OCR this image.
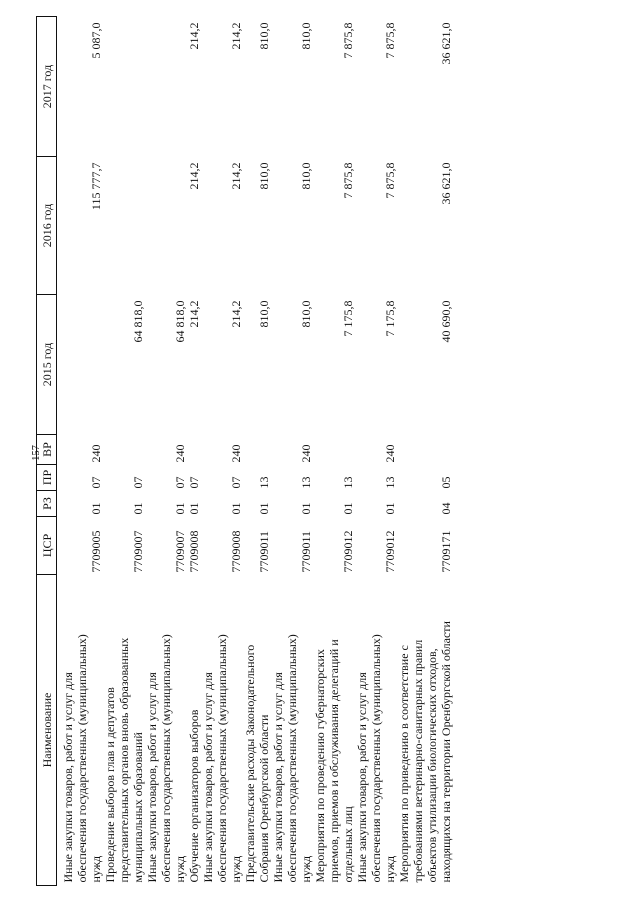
157
Наименование	ЦСР	РЗ	ПР	ВР	2015 год	2016 год	2017 год

Иные закупки товаров, работ и услуг для обеспечения государственных (муниципальных) нужд	7709005	01	07	240		115 777,7	5 087,0

Проведение выборов глав и депутатов представительных органов вновь образованных муниципальных образований	7709007	01	07		64 818,0		

Иные закупки товаров, работ и услуг для обеспечения государственных (муниципальных) нужд	7709007	01	07	240	64 818,0		

Обучение организаторов выборов	7709008	01	07		214,2	214,2	214,2

Иные закупки товаров, работ и услуг для обеспечения государственных (муниципальных) нужд	7709008	01	07	240	214,2	214,2	214,2

Представительские расходы Законодательного Собрания Оренбургской области	7709011	01	13		810,0	810,0	810,0

Иные закупки товаров, работ и услуг для обеспечения государственных (муниципальных) нужд	7709011	01	13	240	810,0	810,0	810,0

Мероприятия по проведению губернаторских приемов, приемов и обслуживания делегаций и отдельных лиц	7709012	01	13		7 175,8	7 875,8	7 875,8

Иные закупки товаров, работ и услуг для обеспечения государственных (муниципальных) нужд	7709012	01	13	240	7 175,8	7 875,8	7 875,8

Мероприятия по приведению в соответствие с требованиями ветеринарно-санитарных правил объектов утилизации биологических отходов, находящихся на территории Оренбургской области	7709171	04	05		40 690,0	36 621,0	36 621,0
